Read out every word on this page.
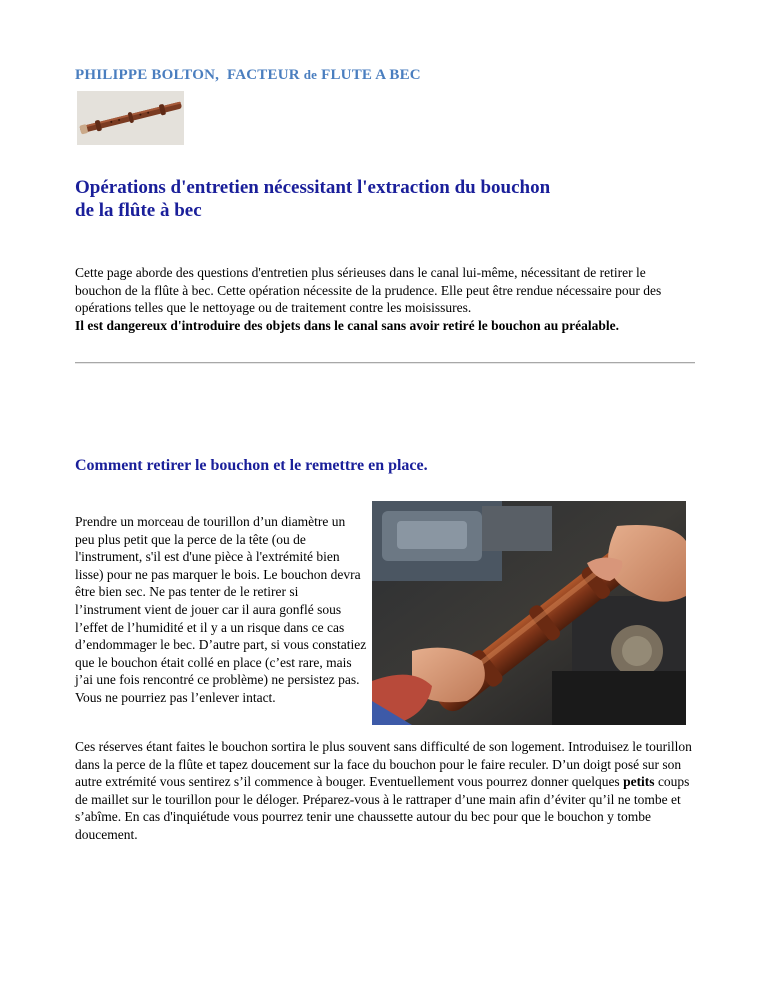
PHILIPPE BOLTON, FACTEUR de FLUTE A BEC
Opérations d'entretien nécessitant l'extraction du bouchon
de la flûte à bec

Cette page aborde des questions d'entretien plus sérieuses dans le canal lui-même, nécessitant de retirer le bouchon de la flûte à bec. Cette opération nécessite de la prudence. Elle peut être rendue nécessaire pour des opérations telles que le nettoyage ou de traitement contre les moisissures.
Il est dangereux d'introduire des objets dans le canal sans avoir retiré le bouchon au préalable.

Comment retirer le bouchon et le remettre en place.

Prendre un morceau de tourillon d’un diamètre un peu plus petit que la perce de la tête (ou de l'instrument, s'il est d'une pièce à l'extrémité bien lisse) pour ne pas marquer le bois. Le bouchon devra être bien sec. Ne pas tenter de le retirer si l’instrument vient de jouer car il aura gonflé sous l’effet de l’humidité et il y a un risque dans ce cas d’endommager le bec. D’autre part, si vous constatiez que le bouchon était collé en place (c’est rare, mais j’ai une fois rencontré ce problème) ne persistez pas. Vous ne pourriez pas l’enlever intact.

Ces réserves étant faites le bouchon sortira le plus souvent sans difficulté de son logement. Introduisez le tourillon dans la perce de la flûte et tapez doucement sur la face du bouchon pour le faire reculer. D’un doigt posé sur son autre extrémité vous sentirez s’il commence à bouger. Eventuellement vous pourrez donner quelques petits coups de maillet sur le tourillon pour le déloger. Préparez-vous à le rattraper d’une main afin d’éviter qu’il ne tombe et s’abîme. En cas d'inquiétude vous pourrez tenir une chaussette autour du bec pour que le bouchon y tombe doucement.
